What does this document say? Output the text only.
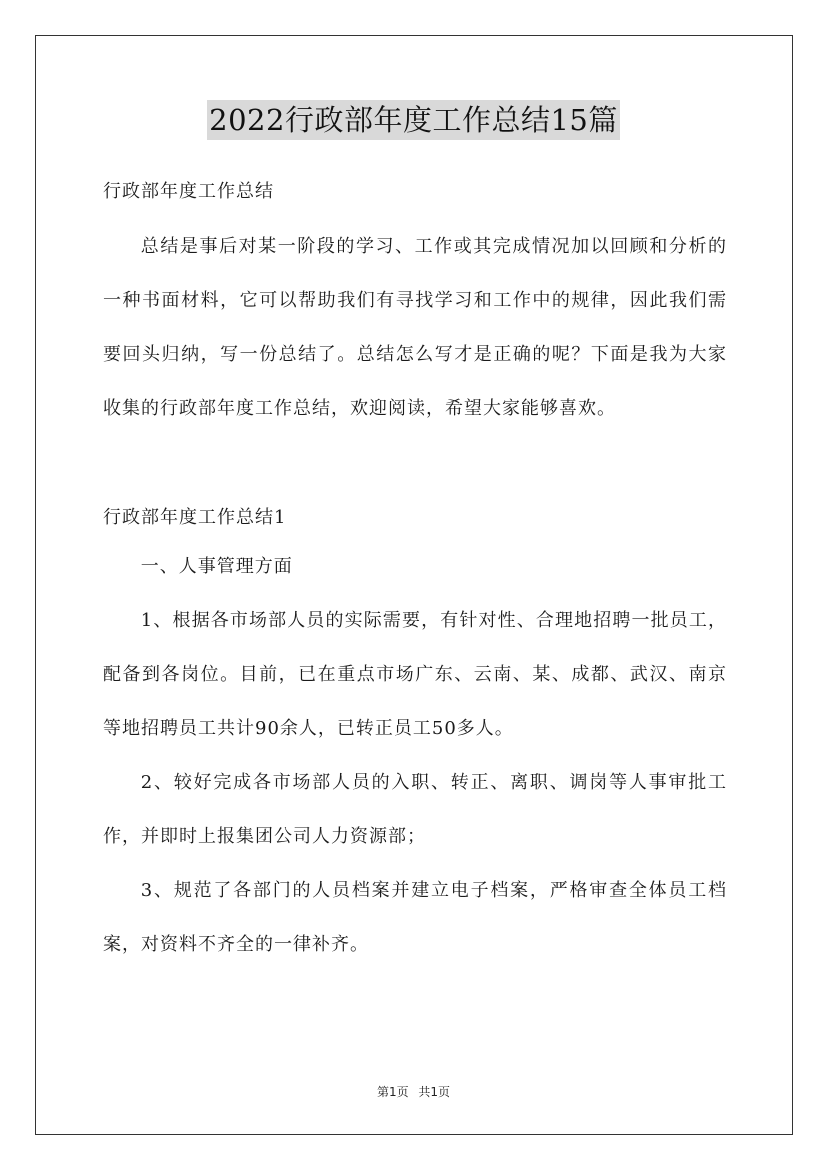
2022行政部年度工作总结15篇

行政部年度工作总结

总结是事后对某一阶段的学习、工作或其完成情况加以回顾和分析的一种书面材料，它可以帮助我们有寻找学习和工作中的规律，因此我们需要回头归纳，写一份总结了。总结怎么写才是正确的呢？下面是我为大家收集的行政部年度工作总结，欢迎阅读，希望大家能够喜欢。

行政部年度工作总结1

一、人事管理方面

1、根据各市场部人员的实际需要，有针对性、合理地招聘一批员工，配备到各岗位。目前，已在重点市场广东、云南、某、成都、武汉、南京等地招聘员工共计90余人，已转正员工50多人。

2、较好完成各市场部人员的入职、转正、离职、调岗等人事审批工作，并即时上报集团公司人力资源部；

3、规范了各部门的人员档案并建立电子档案，严格审查全体员工档案，对资料不齐全的一律补齐。

第1页 共1页
